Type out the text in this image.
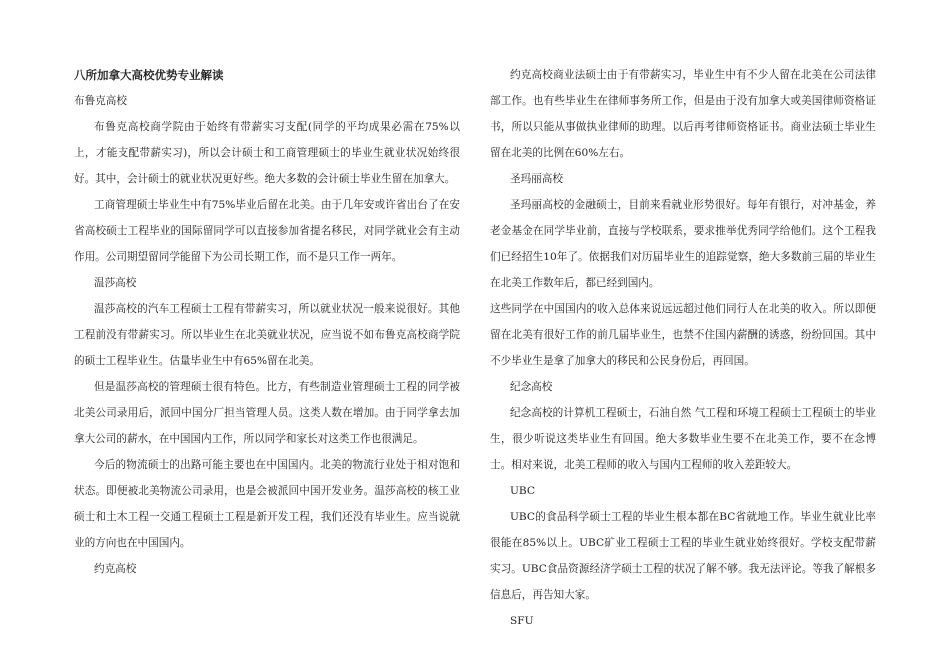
八所加拿大高校优势专业解读

布鲁克高校

布鲁克高校商学院由于始终有带薪实习支配(同学的平均成果必需在75%以上，才能支配带薪实习)，所以会计硕士和工商管理硕士的毕业生就业状况始终很好。其中，会计硕士的就业状况更好些。绝大多数的会计硕士毕业生留在加拿大。

工商管理硕士毕业生中有75%毕业后留在北美。由于几年安或许省出台了在安省高校硕士工程毕业的国际留同学可以直接参加省提名移民，对同学就业会有主动作用。公司期望留同学能留下为公司长期工作，而不是只工作一两年。

温莎高校

温莎高校的汽车工程硕士工程有带薪实习，所以就业状况一般来说很好。其他工程前没有带薪实习。所以毕业生在北美就业状况，应当说不如布鲁克高校商学院的硕士工程毕业生。估量毕业生中有65%留在北美。

但是温莎高校的管理硕士很有特色。比方，有些制造业管理硕士工程的同学被北美公司录用后，派回中国分厂担当管理人员。这类人数在增加。由于同学拿去加拿大公司的薪水，在中国国内工作，所以同学和家长对这类工作也很满足。

今后的物流硕士的出路可能主要也在中国国内。北美的物流行业处于相对饱和状态。即便被北美物流公司录用，也是会被派回中国开发业务。温莎高校的核工业硕士和土木工程一交通工程硕士工程是新开发工程，我们还没有毕业生。应当说就业的方向也在中国国内。

约克高校

约克高校商业法硕士由于有带薪实习，毕业生中有不少人留在北美在公司法律部工作。也有些毕业生在律师事务所工作，但是由于没有加拿大或美国律师资格证书，所以只能从事做执业律师的助理。以后再考律师资格证书。商业法硕士毕业生留在北美的比例在60%左右。

圣玛丽高校

圣玛丽高校的金融硕士，目前来看就业形势很好。每年有银行，对冲基金，养老金基金在同学毕业前，直接与学校联系，要求推举优秀同学给他们。这个工程我们已经招生10年了。依据我们对历届毕业生的追踪觉察，绝大多数前三届的毕业生在北美工作数年后，都已经到国内。

这些同学在中国国内的收入总体来说远远超过他们同行人在北美的收入。所以即便留在北美有很好工作的前几届毕业生，也禁不住国内薪酬的诱惑，纷纷回国。其中不少毕业生是拿了加拿大的移民和公民身份后，再回国。

纪念高校

纪念高校的计算机工程硕士，石油自然 气工程和环境工程硕士工程硕士的毕业生，很少听说这类毕业生有回国。绝大多数毕业生要不在北美工作，要不在念博士。相对来说，北美工程师的收入与国内工程师的收入差距较大。

UBC

UBC的食品科学硕士工程的毕业生根本都在BC省就地工作。毕业生就业比率很能在85%以上。UBC矿业工程硕士工程的毕业生就业始终很好。学校支配带薪实习。UBC食品资源经济学硕士工程的状况了解不够。我无法评论。等我了解根多信息后，再告知大家。

SFU
